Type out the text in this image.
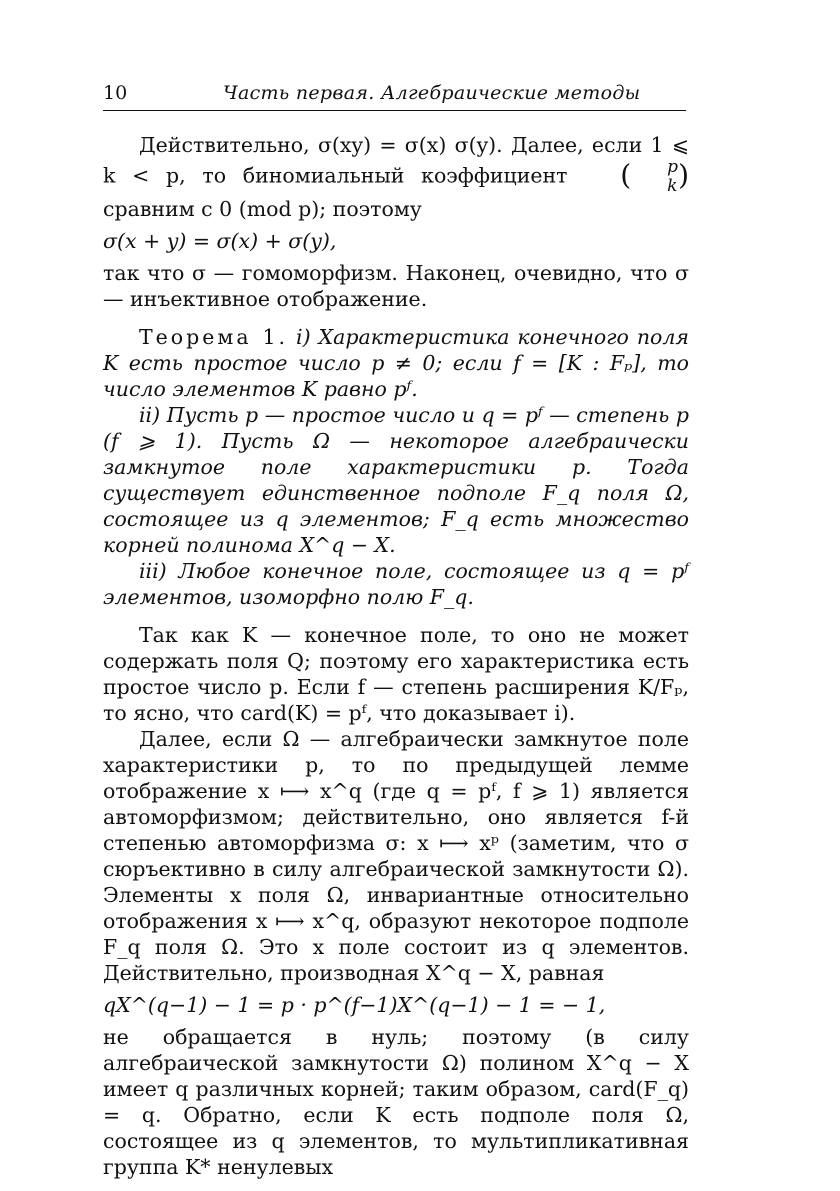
10	Часть первая. Алгебраические методы

Действительно, σ(xy) = σ(x) σ(y). Далее, если 1 ⩽ k < p, то биномиальный коэффициент (	p
k ) сравним с 0 (mod p); поэтому

σ(x + y) = σ(x) + σ(y),

так что σ — гомоморфизм. Наконец, очевидно, что σ — инъективное отображение.

Теорема 1. i) Характеристика конечного поля K есть простое число p ≠ 0; если f = [K : Fₚ], то число элементов K равно pᶠ.

ii) Пусть p — простое число и q = pᶠ — степень p (f ⩾ 1). Пусть Ω — некоторое алгебраически замкнутое поле характеристики p. Тогда существует единственное подполе F_q поля Ω, состоящее из q элементов; F_q есть множество корней полинома X^q − X.

iii) Любое конечное поле, состоящее из q = pᶠ элементов, изоморфно полю F_q.

Так как K — конечное поле, то оно не может содержать поля Q; поэтому его характеристика есть простое число p. Если f — степень расширения K/Fₚ, то ясно, что card(K) = pᶠ, что доказывает i).

Далее, если Ω — алгебраически замкнутое поле характеристики p, то по предыдущей лемме отображение x ⟼ x^q (где q = pᶠ, f ⩾ 1) является автоморфизмом; действительно, оно является f-й степенью автоморфизма σ: x ⟼ xᵖ (заметим, что σ сюръективно в силу алгебраической замкнутости Ω). Элементы x поля Ω, инвариантные относительно отображения x ⟼ x^q, образуют некоторое подполе F_q поля Ω. Это x поле состоит из q элементов. Действительно, производная X^q − X, равная

qX^(q−1) − 1 = p · p^(f−1)X^(q−1) − 1 = − 1,

не обращается в нуль; поэтому (в силу алгебраической замкнутости Ω) полином X^q − X имеет q различных корней; таким образом, card(F_q) = q. Обратно, если K есть подполе поля Ω, состоящее из q элементов, то мультипликативная группа K* ненулевых
